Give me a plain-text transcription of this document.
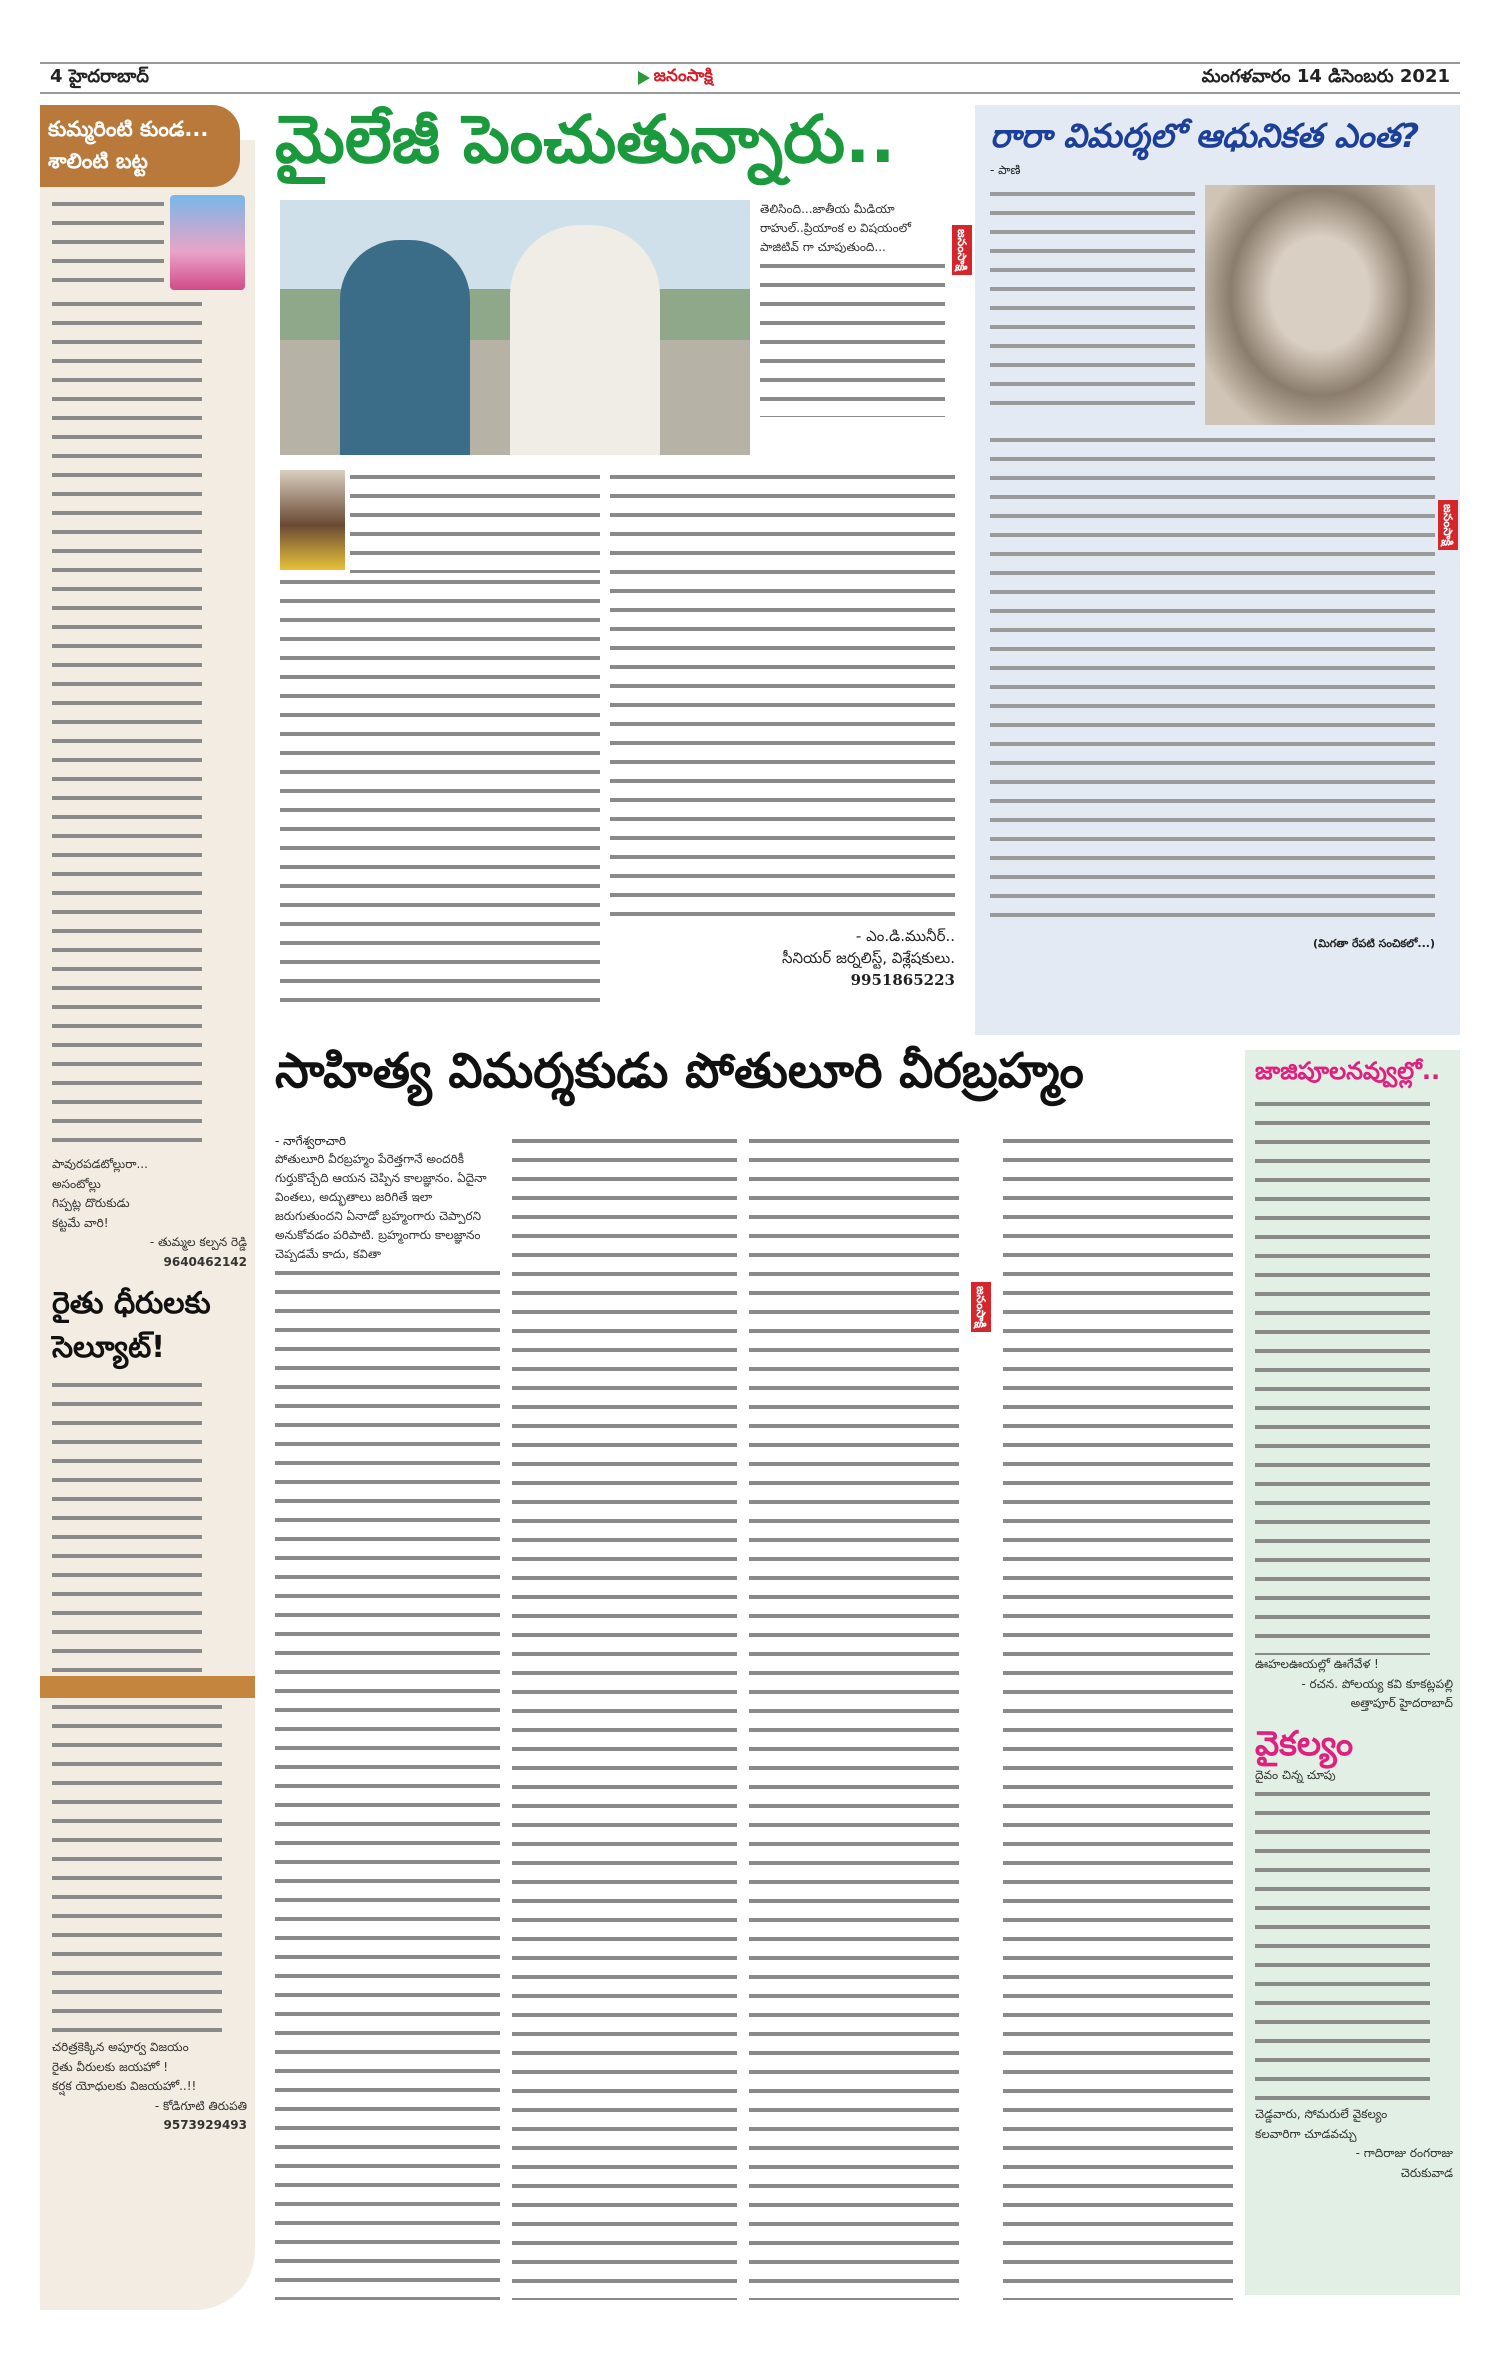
4 హైదరాబాద్	జనంసాక్షి	మంగళవారం 14 డిసెంబరు 2021
కుమ్మరింటి కుండ... శాలింటి బట్ట
పావురపడటోల్లురా...
అసంటోల్లు
గిప్పట్ల దొరుకుడు
కట్టమే వారి!
- తుమ్మల కల్పన రెడ్డి
9640462142
రైతు ధీరులకు సెల్యూట్!
చరిత్రకెక్కిన అపూర్వ విజయం
రైతు వీరులకు జయహో !
కర్షక యోధులకు విజయహో..!!
- కోడిగూటి తిరుపతి
9573929493
మైలేజీ పెంచుతున్నారు..
తెలిసింది...జాతీయ మీడియా రాహుల్..ప్రియాంక ల విషయంలో పాజిటివ్ గా చూపుతుంది...	జనంసాక్షి
- ఎం.డి.మునీర్..
సీనియర్ జర్నలిస్ట్, విశ్లేషకులు.
9951865223
రారా విమర్శలో ఆధునికత ఎంత?
- పాణి
(మిగతా రేపటి సంచికలో...)
జనంసాక్షి
సాహిత్య విమర్శకుడు పోతులూరి వీరబ్రహ్మం
- నాగేశ్వరాచారి
పోతులూరి వీరబ్రహ్మం పేరెత్తగానే అందరికీ గుర్తుకొచ్చేది ఆయన చెప్పిన కాలజ్ఞానం. ఏదైనా వింతలు, అద్భుతాలు జరిగితే ఇలా జరుగుతుందని ఏనాడో బ్రహ్మంగారు చెప్పారని అనుకోవడం పరిపాటి. బ్రహ్మంగారు కాలజ్ఞానం చెప్పడమే కాదు, కవితా
జనంసాక్షి
జాజిపూలనవ్వుల్లో..
ఊహలఊయల్లో ఊగేవేళ !
- రచన. పోలయ్య కవి కూకట్లపల్లి
అత్తాపూర్ హైదరాబాద్
వైకల్యం
దైవం చిన్న చూపు
చెడ్డవారు, సోమరులే వైకల్యం
కలవారిగా చూడవచ్చు
- గాదిరాజు రంగరాజు
చెరుకువాడ
